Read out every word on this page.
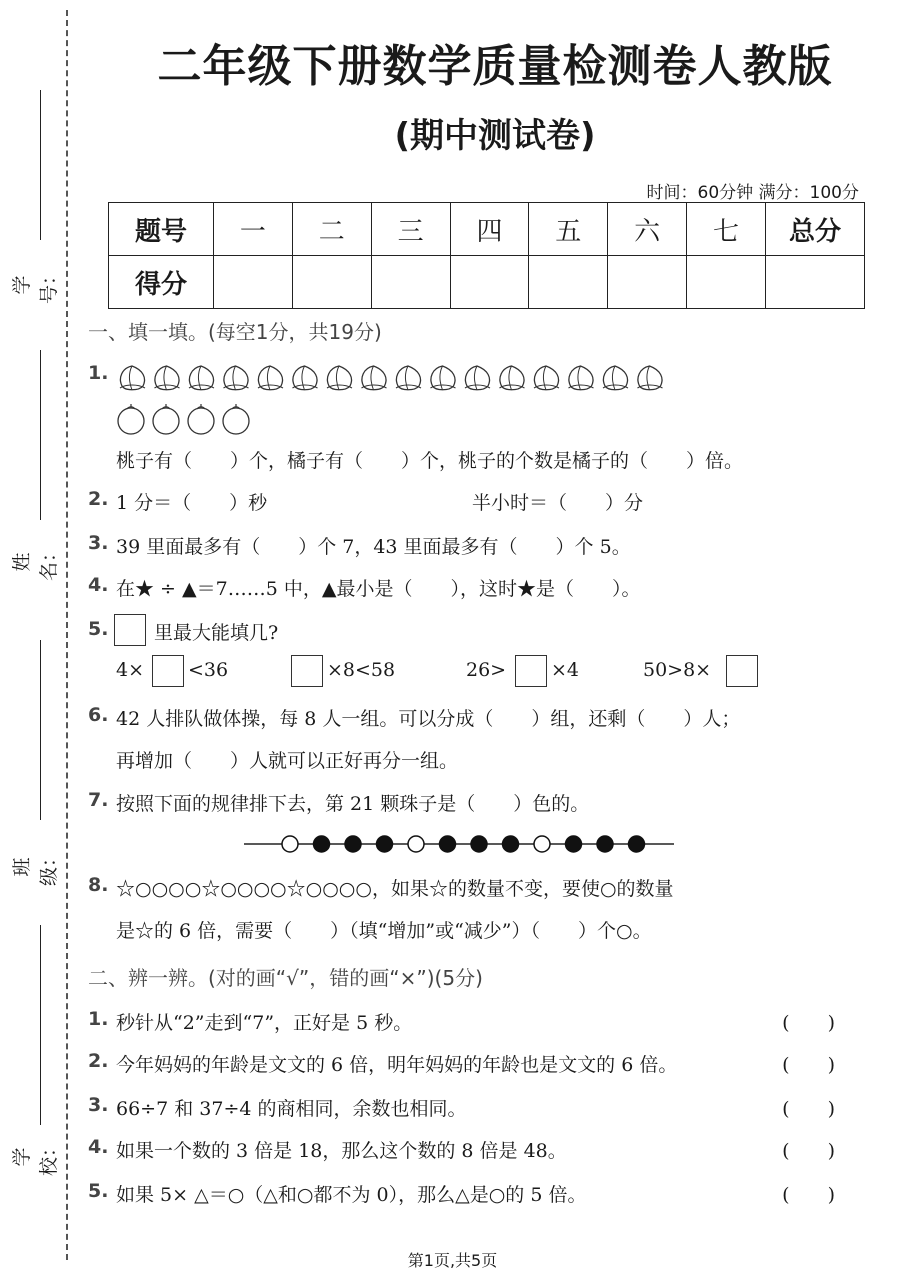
学号：
姓名：
班级：
学校：
二年级下册数学质量检测卷人教版
(期中测试卷)
时间：60分钟 满分：100分
题号	一	二	三	四	五	六	七	总分
得分								
一、填一填。(每空1分，共19分)
1.
桃子有（　　）个，橘子有（　　）个，桃子的个数是橘子的（　　）倍。
2. 1 分＝（　　）秒	半小时＝（　　）分
3. 39 里面最多有（　　）个 7，43 里面最多有（　　）个 5。
4. 在★ ÷ ▲＝7……5 中，▲最小是（　　），这时★是（　　）。
5. 里最大能填几?
4× <36	×8<58	26> ×4	50>8×
6. 42 人排队做体操，每 8 人一组。可以分成（　　）组，还剩（　　）人；
再增加（　　）人就可以正好再分一组。
7. 按照下面的规律排下去，第 21 颗珠子是（　　）色的。
8. ☆○○○○☆○○○○☆○○○○，如果☆的数量不变，要使○的数量
是☆的 6 倍，需要（　　）（填“增加”或“减少”）（　　）个○。
二、辨一辨。(对的画“√”，错的画“×”)(5分)
1. 秒针从“2”走到“7”，正好是 5 秒。	(　　)
2. 今年妈妈的年龄是文文的 6 倍，明年妈妈的年龄也是文文的 6 倍。	(　　)
3. 66÷7 和 37÷4 的商相同，余数也相同。	(　　)
4. 如果一个数的 3 倍是 18，那么这个数的 8 倍是 48。	(　　)
5. 如果 5× △＝○（△和○都不为 0），那么△是○的 5 倍。	(　　)
第1页,共5页
